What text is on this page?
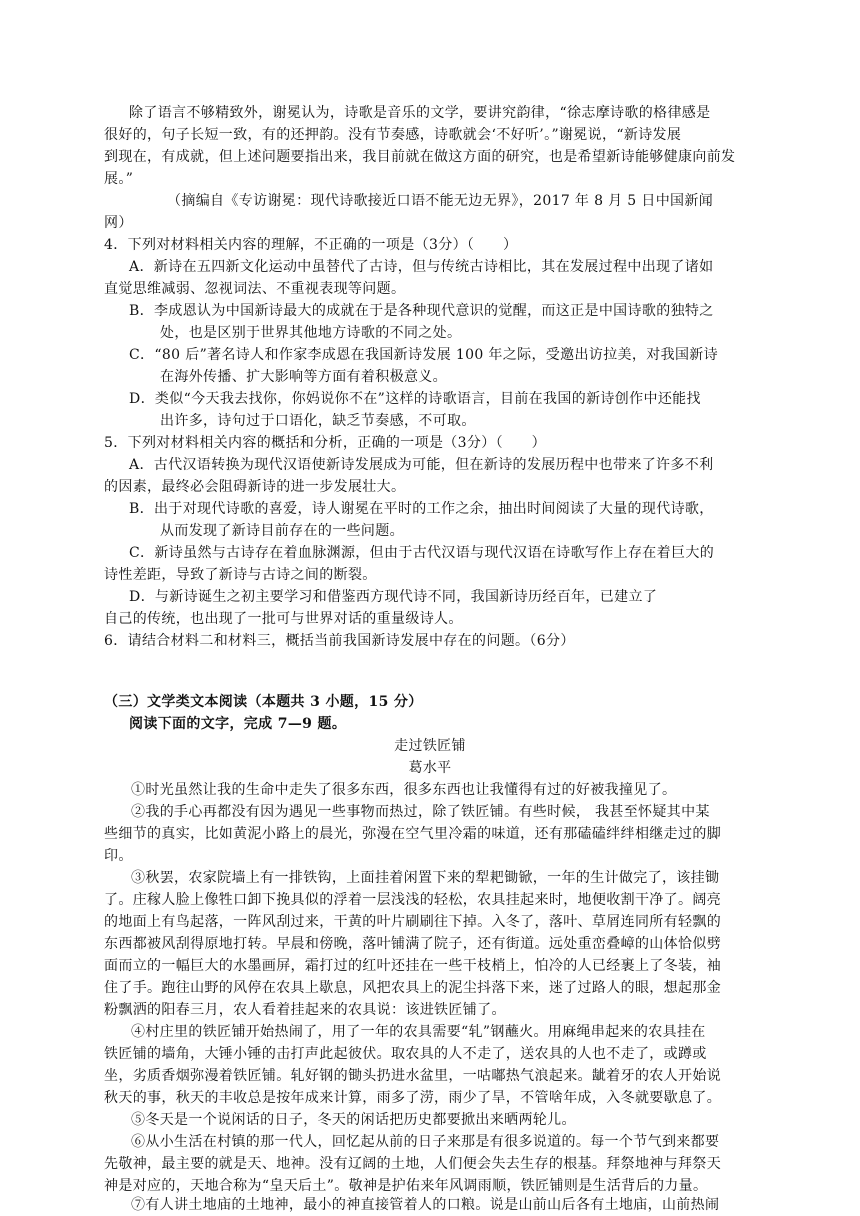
除了语言不够精致外，谢冕认为，诗歌是音乐的文学，要讲究韵律，“徐志摩诗歌的格律感是
很好的，句子长短一致，有的还押韵。没有节奏感，诗歌就会‘不好听’。”谢冕说，“新诗发展
到现在，有成就，但上述问题要指出来，我目前就在做这方面的研究，也是希望新诗能够健康向前发
展。”
（摘编自《专访谢冕：现代诗歌接近口语不能无边无界》，2017 年 8 月 5 日中国新闻
网）
4．下列对材料相关内容的理解，不正确的一项是（3分）（　　）
A．新诗在五四新文化运动中虽替代了古诗，但与传统古诗相比，其在发展过程中出现了诸如
直觉思维减弱、忽视词法、不重视表现等问题。
B．李成恩认为中国新诗最大的成就在于是各种现代意识的觉醒，而这正是中国诗歌的独特之
处，也是区别于世界其他地方诗歌的不同之处。
C．“80 后”著名诗人和作家李成恩在我国新诗发展 100 年之际，受邀出访拉美，对我国新诗
在海外传播、扩大影响等方面有着积极意义。
D．类似“今天我去找你，你妈说你不在”这样的诗歌语言，目前在我国的新诗创作中还能找
出许多，诗句过于口语化，缺乏节奏感，不可取。
5．下列对材料相关内容的概括和分析，正确的一项是（3分）（　　）
A．古代汉语转换为现代汉语使新诗发展成为可能，但在新诗的发展历程中也带来了许多不利
的因素，最终必会阻碍新诗的进一步发展壮大。
B．出于对现代诗歌的喜爱，诗人谢冕在平时的工作之余，抽出时间阅读了大量的现代诗歌，
从而发现了新诗目前存在的一些问题。
C．新诗虽然与古诗存在着血脉渊源，但由于古代汉语与现代汉语在诗歌写作上存在着巨大的
诗性差距，导致了新诗与古诗之间的断裂。
D．与新诗诞生之初主要学习和借鉴西方现代诗不同，我国新诗历经百年，已建立了
自己的传统，也出现了一批可与世界对话的重量级诗人。
6．请结合材料二和材料三，概括当前我国新诗发展中存在的问题。（6分）
（三）文学类文本阅读（本题共 3 小题，15 分）
阅读下面的文字，完成 7—9 题。
走过铁匠铺
葛水平
①时光虽然让我的生命中走失了很多东西，很多东西也让我懂得有过的好被我撞见了。
②我的手心再都没有因为遇见一些事物而热过，除了铁匠铺。有些时候， 我甚至怀疑其中某
些细节的真实，比如黄泥小路上的晨光，弥漫在空气里冷霜的味道，还有那磕磕绊绊相继走过的脚
印。
③秋罢，农家院墙上有一排铁钩，上面挂着闲置下来的犁耙锄锨，一年的生计做完了，该挂锄
了。庄稼人脸上像牲口卸下挽具似的浮着一层浅浅的轻松，农具挂起来时，地便收割干净了。阔亮
的地面上有鸟起落，一阵风刮过来，干黄的叶片刷刷往下掉。入冬了，落叶、草屑连同所有轻飘的
东西都被风刮得原地打转。早晨和傍晚，落叶铺满了院子，还有街道。远处重峦叠嶂的山体恰似劈
面而立的一幅巨大的水墨画屏，霜打过的红叶还挂在一些干枝梢上，怕冷的人已经裹上了冬装，袖
住了手。跑往山野的风停在农具上歇息，风把农具上的泥尘抖落下来，迷了过路人的眼，想起那金
粉飘洒的阳春三月，农人看着挂起来的农具说：该进铁匠铺了。
④村庄里的铁匠铺开始热闹了，用了一年的农具需要“轧”钢蘸火。用麻绳串起来的农具挂在
铁匠铺的墙角，大锤小锤的击打声此起彼伏。取农具的人不走了，送农具的人也不走了，或蹲或
坐，劣质香烟弥漫着铁匠铺。轧好钢的锄头扔进水盆里，一咕嘟热气浪起来。龇着牙的农人开始说
秋天的事，秋天的丰收总是按年成来计算，雨多了涝，雨少了旱，不管啥年成，入冬就要歇息了。
⑤冬天是一个说闲话的日子，冬天的闲话把历史都要掀出来晒两轮儿。
⑥从小生活在村镇的那一代人，回忆起从前的日子来那是有很多说道的。每一个节气到来都要
先敬神，最主要的就是天、地神。没有辽阔的土地，人们便会失去生存的根基。拜祭地神与拜祭天
神是对应的，天地合称为“皇天后土”。敬神是护佑来年风调雨顺，铁匠铺则是生活背后的力量。
⑦有人讲土地庙的土地神，最小的神直接管着人的口粮。说是山前山后各有土地庙，山前热闹
